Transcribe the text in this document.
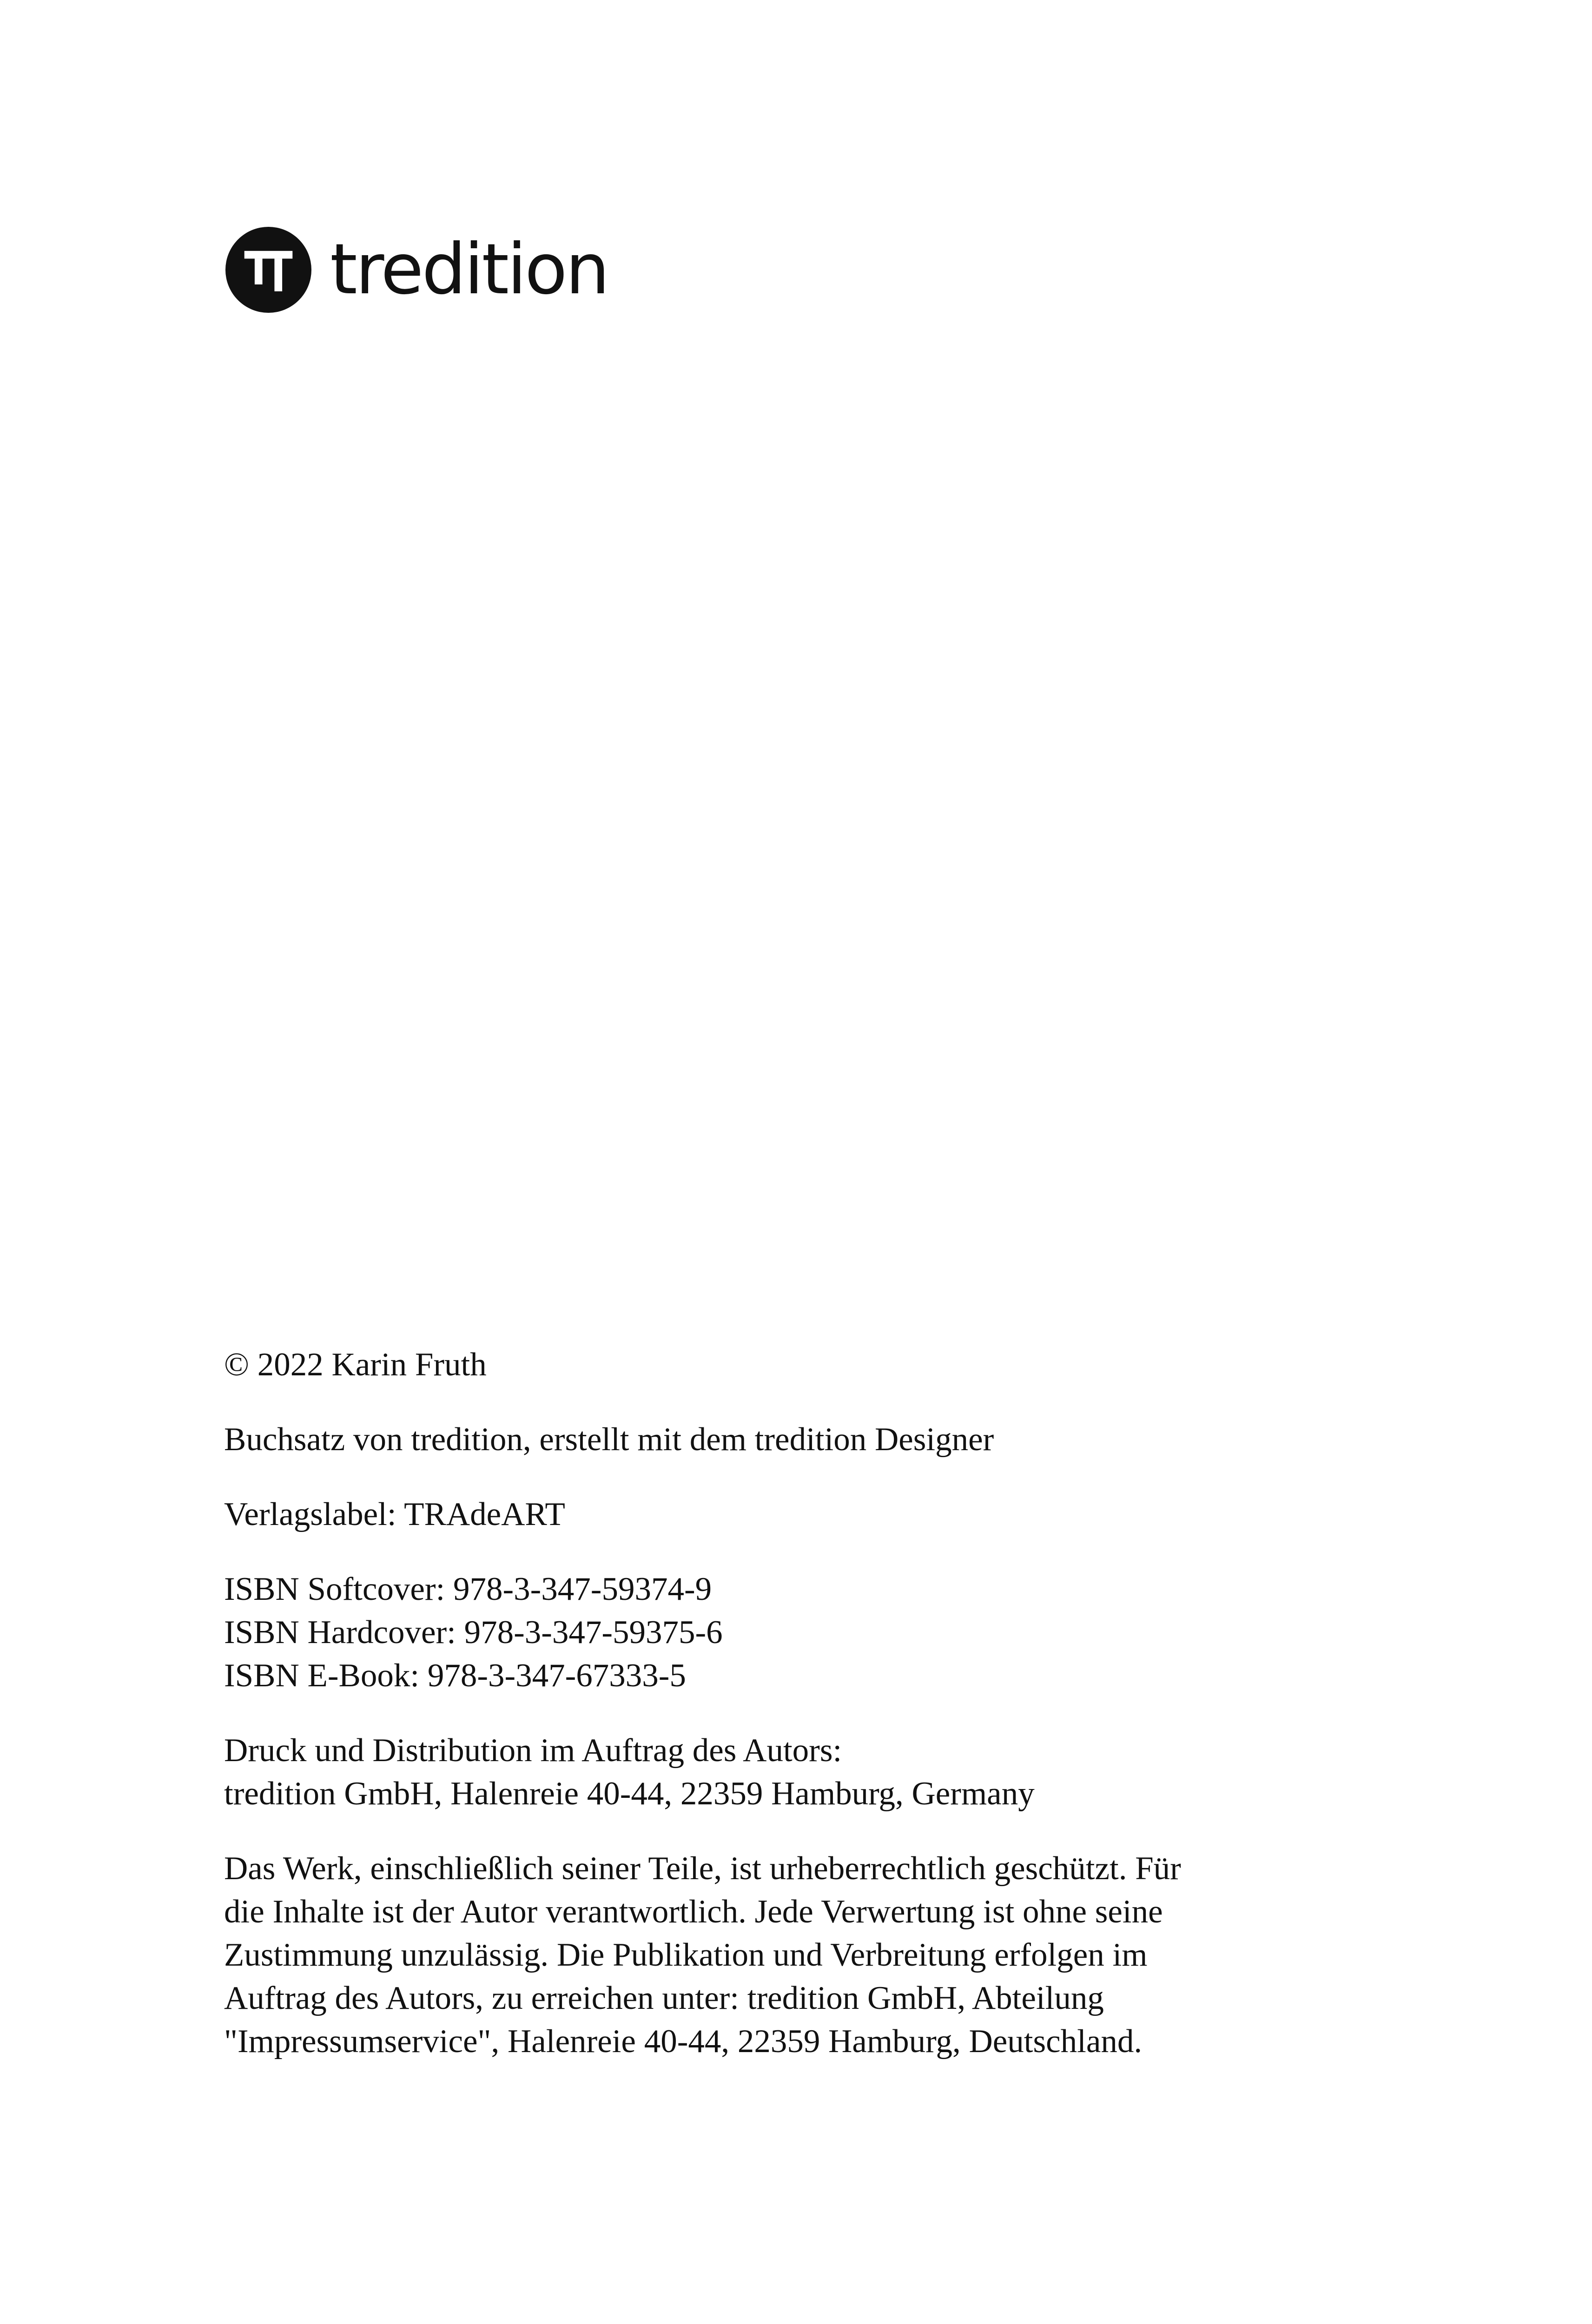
tredition

© 2022 Karin Fruth

Buchsatz von tredition, erstellt mit dem tredition Designer

Verlagslabel: TRAdeART

ISBN Softcover: 978-3-347-59374-9
ISBN Hardcover: 978-3-347-59375-6
ISBN E-Book: 978-3-347-67333-5

Druck und Distribution im Auftrag des Autors:
tredition GmbH, Halenreie 40-44, 22359 Hamburg, Germany

Das Werk, einschließlich seiner Teile, ist urheberrechtlich geschützt. Für
die Inhalte ist der Autor verantwortlich. Jede Verwertung ist ohne seine
Zustimmung unzulässig. Die Publikation und Verbreitung erfolgen im
Auftrag des Autors, zu erreichen unter: tredition GmbH, Abteilung
"Impressumservice", Halenreie 40-44, 22359 Hamburg, Deutschland.
